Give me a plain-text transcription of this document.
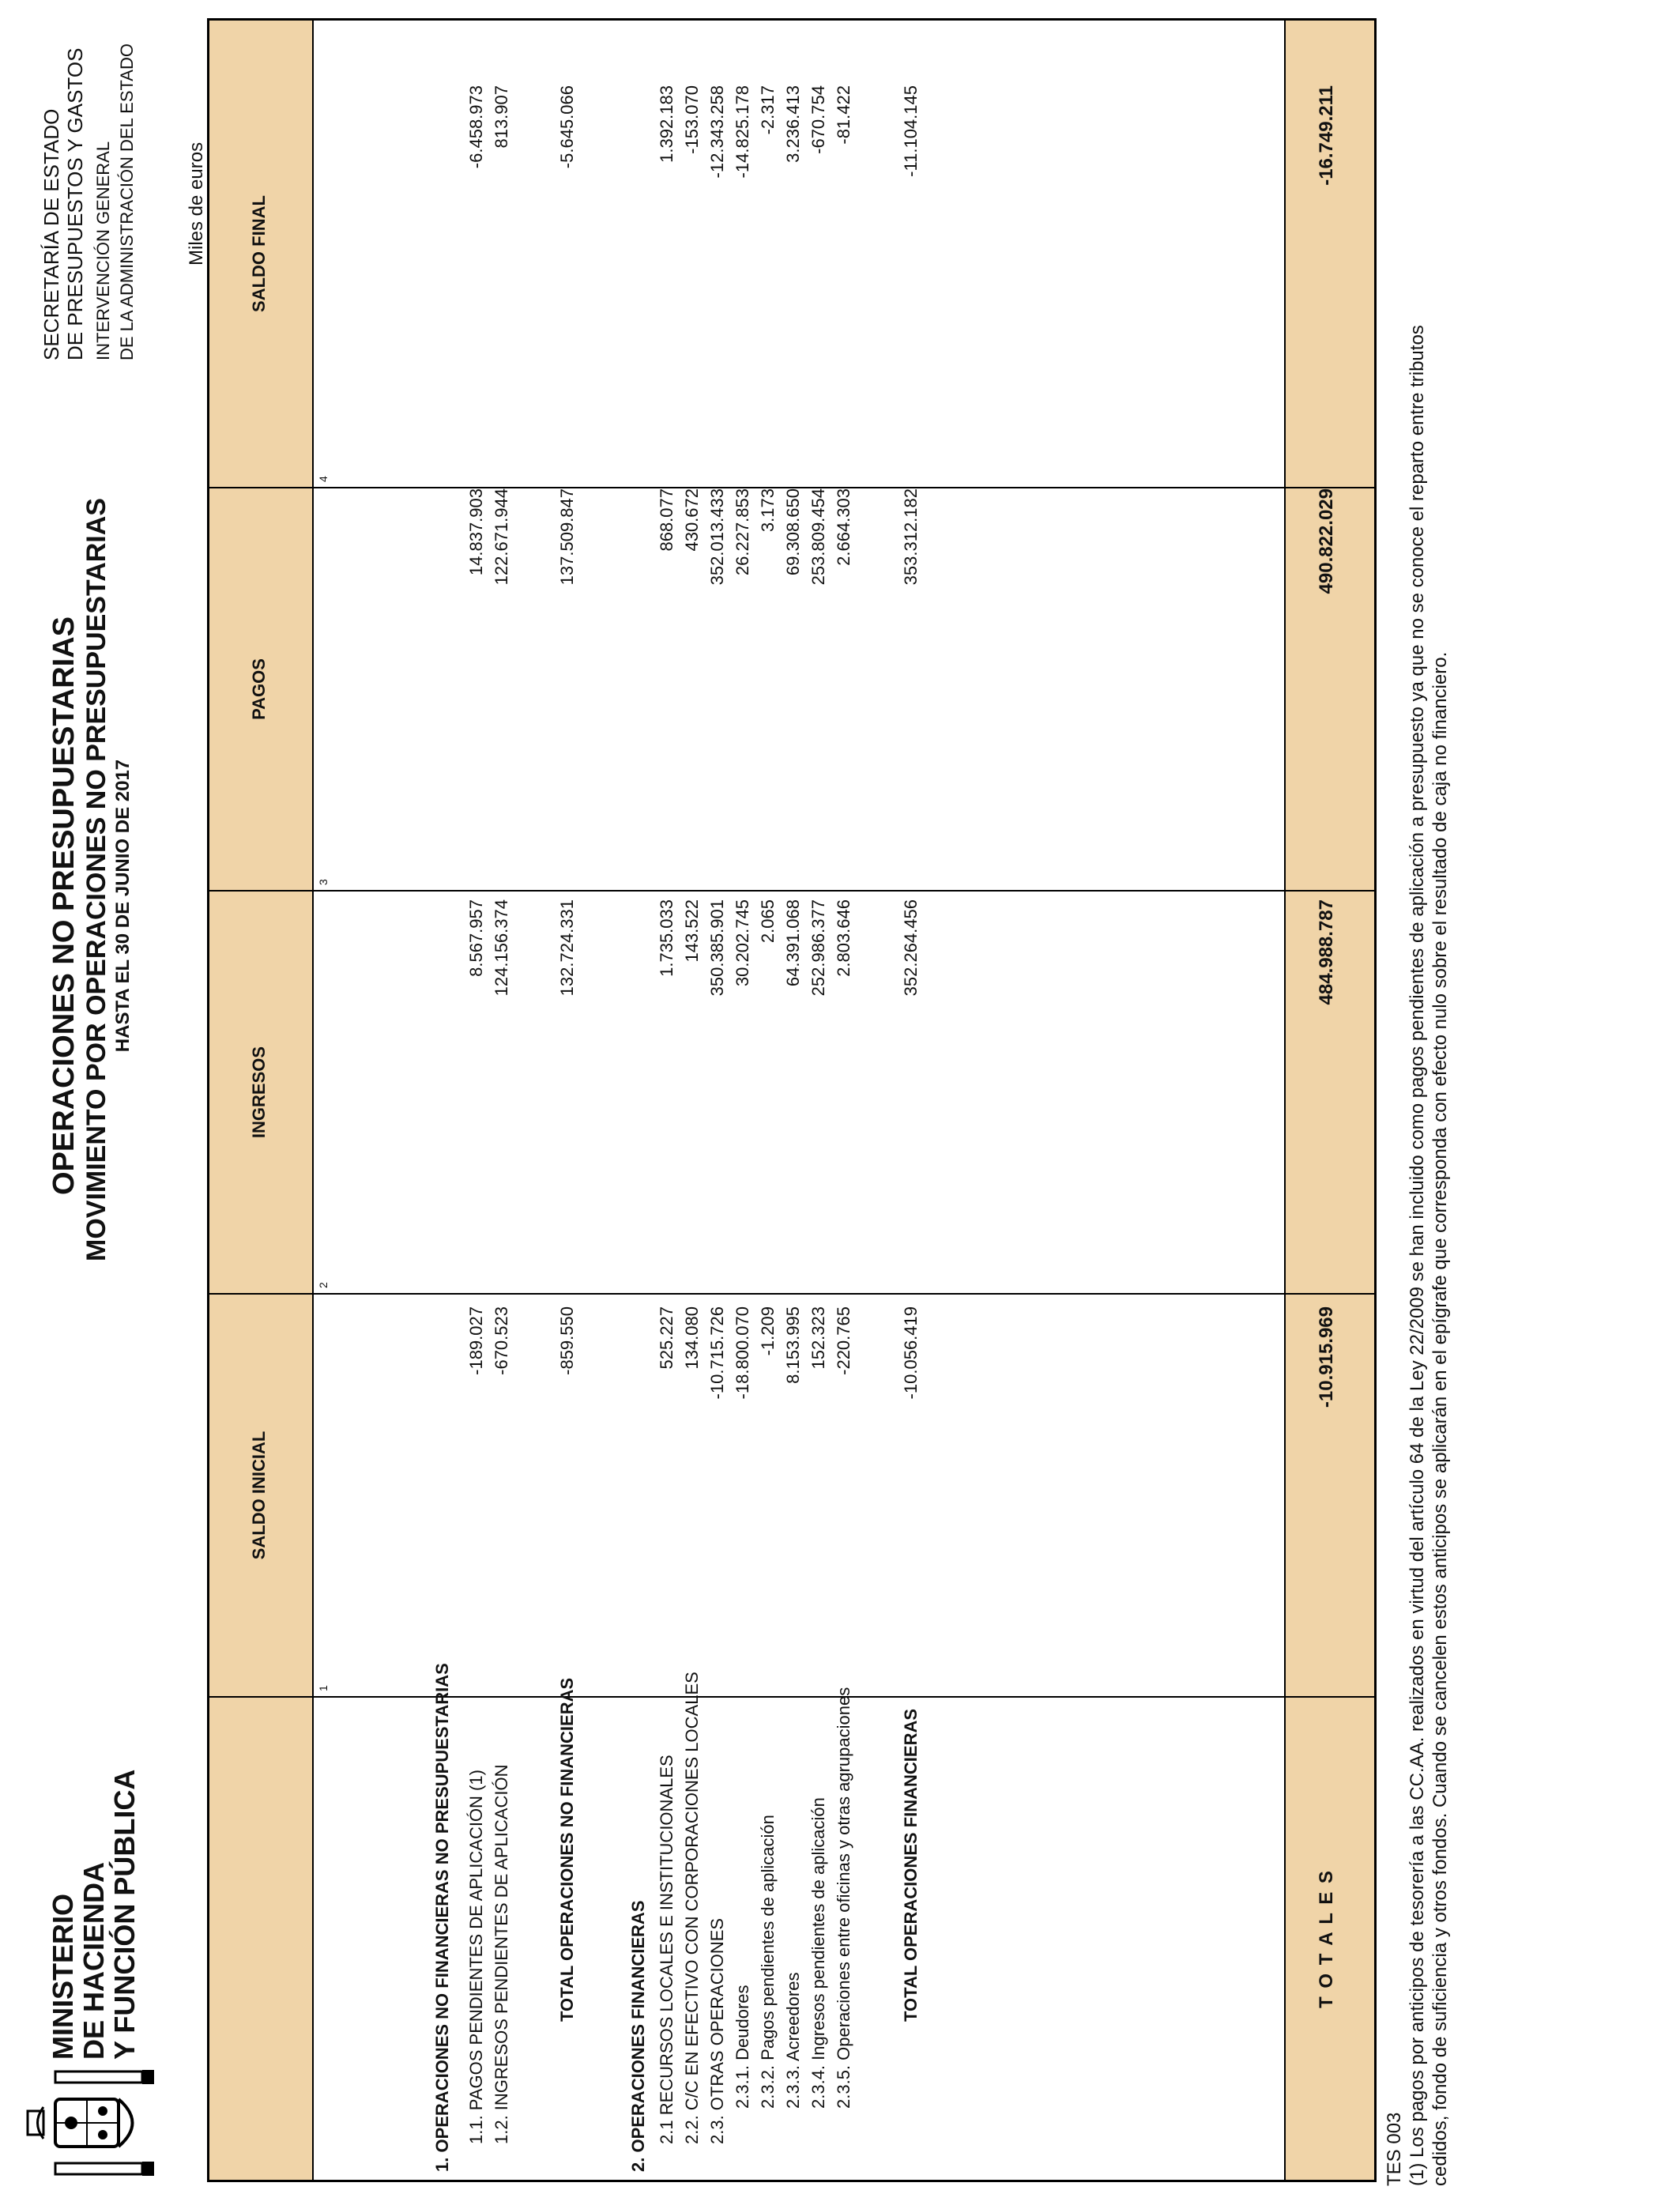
MINISTERIO
DE HACIENDA
Y FUNCIÓN PÚBLICA
OPERACIONES NO PRESUPUESTARIAS MOVIMIENTO POR OPERACIONES NO PRESUPUESTARIAS HASTA EL 30 DE JUNIO DE 2017
SECRETARÍA DE ESTADO DE PRESUPUESTOS Y GASTOS INTERVENCIÓN GENERAL DE LA ADMINISTRACIÓN DEL ESTADO	Miles de euros
SALDO INICIAL
INGRESOS
PAGOS
SALDO FINAL
1
2
3
4
1. OPERACIONES NO FINANCIERAS NO PRESUPUESTARIAS 1.1. PAGOS PENDIENTES DE APLICACIÓN (1)
-189.027
8.567.957
14.837.903
-6.458.973
1.2. INGRESOS PENDIENTES DE APLICACIÓN
-670.523
124.156.374
122.671.944
813.907
TOTAL OPERACIONES NO FINANCIERAS
-859.550
132.724.331
137.509.847
-5.645.066
2. OPERACIONES FINANCIERAS 2.1 RECURSOS LOCALES E INSTITUCIONALES
525.227
1.735.033
868.077
1.392.183
2.2. C/C EN EFECTIVO CON CORPORACIONES LOCALES
134.080
143.522
430.672
-153.070
2.3. OTRAS OPERACIONES
-10.715.726
350.385.901
352.013.433
-12.343.258
2.3.1. Deudores
-18.800.070
30.202.745
26.227.853
-14.825.178
2.3.2. Pagos pendientes de aplicación
-1.209
2.065
3.173
-2.317
2.3.3. Acreedores
8.153.995
64.391.068
69.308.650
3.236.413
2.3.4. Ingresos pendientes de aplicación
152.323
252.986.377
253.809.454
-670.754
2.3.5. Operaciones entre oficinas y otras agrupaciones
-220.765
2.803.646
2.664.303
-81.422
TOTAL OPERACIONES FINANCIERAS
-10.056.419
352.264.456
353.312.182
-11.104.145
T O T A L E S
-10.915.969
484.988.787
490.822.029
-16.749.211
TES 003 (1) Los pagos por anticipos de tesorería a las CC.AA. realizados en virtud del artículo 64 de la Ley 22/2009 se han incluido como pagos pendientes de aplicación a presupuesto ya que no se conoce el reparto entre tributos cedidos, fondo de suficiencia y otros fondos. Cuando se cancelen estos anticipos se aplicarán en el epígrafe que corresponda con efecto nulo sobre el resultado de caja no financiero.
